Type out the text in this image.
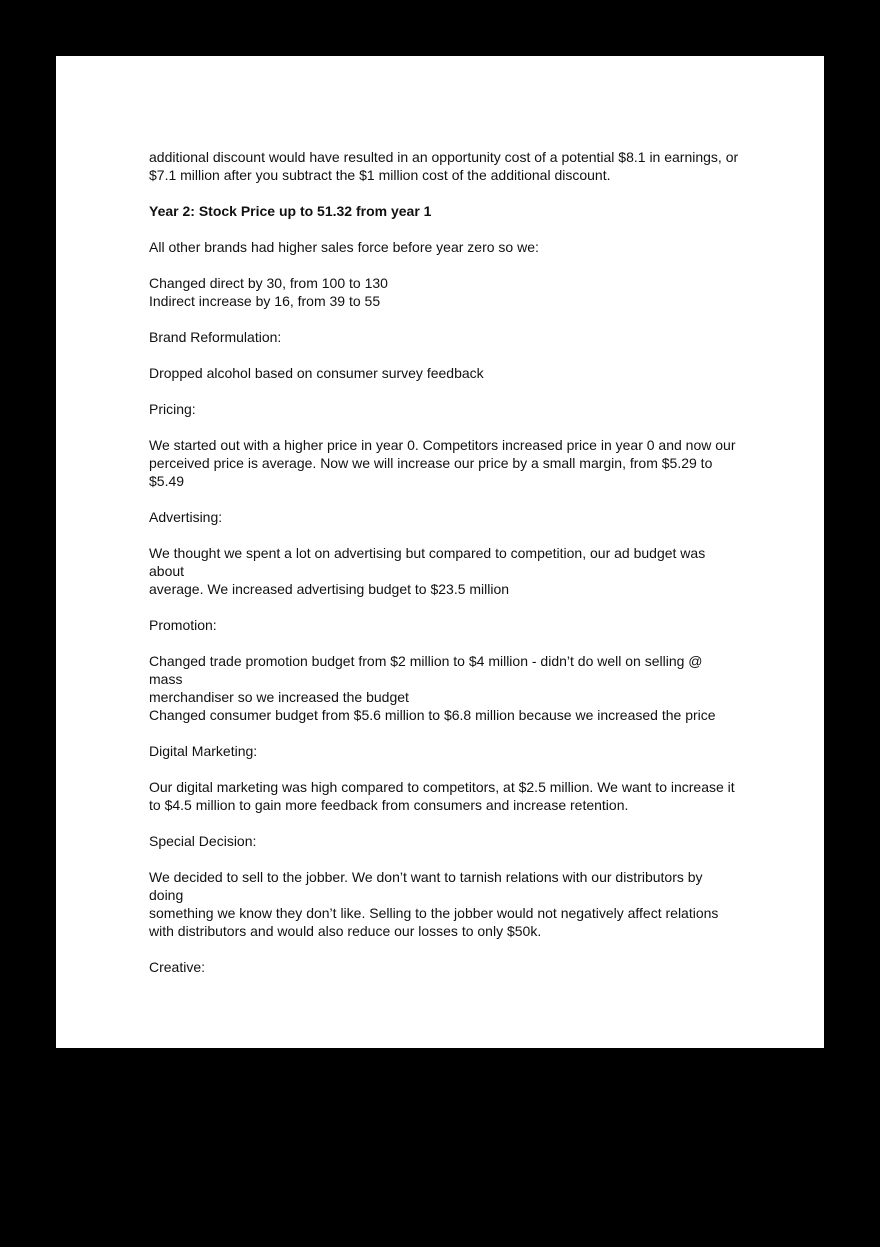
additional discount would have resulted in an opportunity cost of a potential $8.1 in earnings, or
$7.1 million after you subtract the $1 million cost of the additional discount.

Year 2: Stock Price up to 51.32 from year 1

All other brands had higher sales force before year zero so we:

Changed direct by 30, from 100 to 130
Indirect increase by 16, from 39 to 55

Brand Reformulation:

Dropped alcohol based on consumer survey feedback

Pricing:

We started out with a higher price in year 0. Competitors increased price in year 0 and now our
perceived price is average. Now we will increase our price by a small margin, from $5.29 to
$5.49

Advertising:

We thought we spent a lot on advertising but compared to competition, our ad budget was about
average. We increased advertising budget to $23.5 million

Promotion:

Changed trade promotion budget from $2 million to $4 million - didn’t do well on selling @ mass
merchandiser so we increased the budget
Changed consumer budget from $5.6 million to $6.8 million because we increased the price

Digital Marketing:

Our digital marketing was high compared to competitors, at $2.5 million. We want to increase it
to $4.5 million to gain more feedback from consumers and increase retention.

Special Decision:

We decided to sell to the jobber. We don’t want to tarnish relations with our distributors by doing
something we know they don’t like. Selling to the jobber would not negatively affect relations
with distributors and would also reduce our losses to only $50k.

Creative:
